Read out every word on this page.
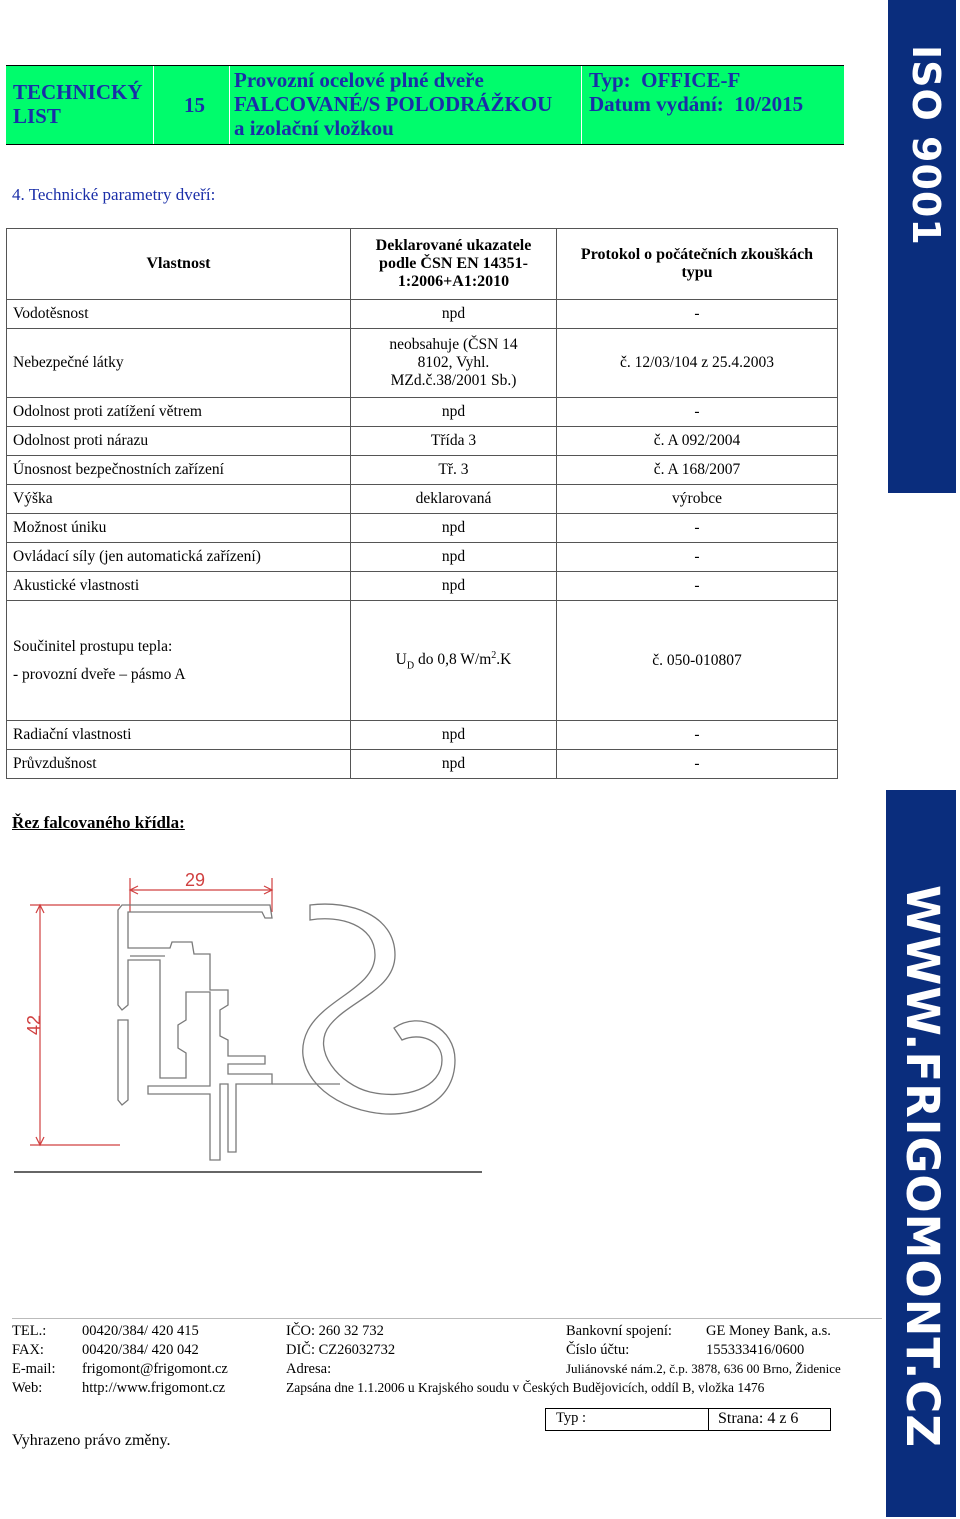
TECHNICKÝ LIST	15
Provozní ocelové plné dveře
FALCOVANÉ/S POLODRÁŽKOU
a izolační vložkou
Typ: OFFICE-F
Datum vydání: 10/2015	ISO 9001
WWW.FRIGOMONT.CZ
4. Technické parametry dveří:
Vlastnost	Deklarované ukazatele podle ČSN EN 14351-1:2006+A1:2010	Protokol o počátečních zkouškách typu
Vodotěsnost	npd	-
Nebezpečné látky	neobsahuje (ČSN 14 8102, Vyhl. MZd.č.38/2001 Sb.)	č. 12/03/104 z 25.4.2003
Odolnost proti zatížení větrem	npd	-
Odolnost proti nárazu	Třída 3	č. A 092/2004
Únosnost bezpečnostních zařízení	Tř. 3	č. A 168/2007
Výška	deklarovaná	výrobce
Možnost úniku	npd	-
Ovládací síly (jen automatická zařízení)	npd	-
Akustické vlastnosti	npd	-

Součinitel prostupu tepla:
- provozní dveře – pásmo A	$U_D$ do 0,8 $W/m^2.K$	č. 050-010807
Radiační vlastnosti	npd	-
Průvzdušnost	npd	-
Řez falcovaného křídla:
29
42
TEL.: 00420/384/ 420 415
FAX:	00420/384/ 420 042
E-mail: frigomont@frigomont.cz
Web:	http://www.frigomont.cz
IČO: 260 32 732
DIČ: CZ26032732
Adresa:
Zapsána dne 1.1.2006 u Krajského soudu v Českých Budějovicích, oddíl B, vložka 1476
Bankovní spojení: GE Money Bank, a.s.
Číslo účtu:	155333416/0600
Juliánovské nám.2, č.p. 3878, 636 00 Brno, Židenice
Typ :	Strana: 4 z 6
Vyhrazeno právo změny.
